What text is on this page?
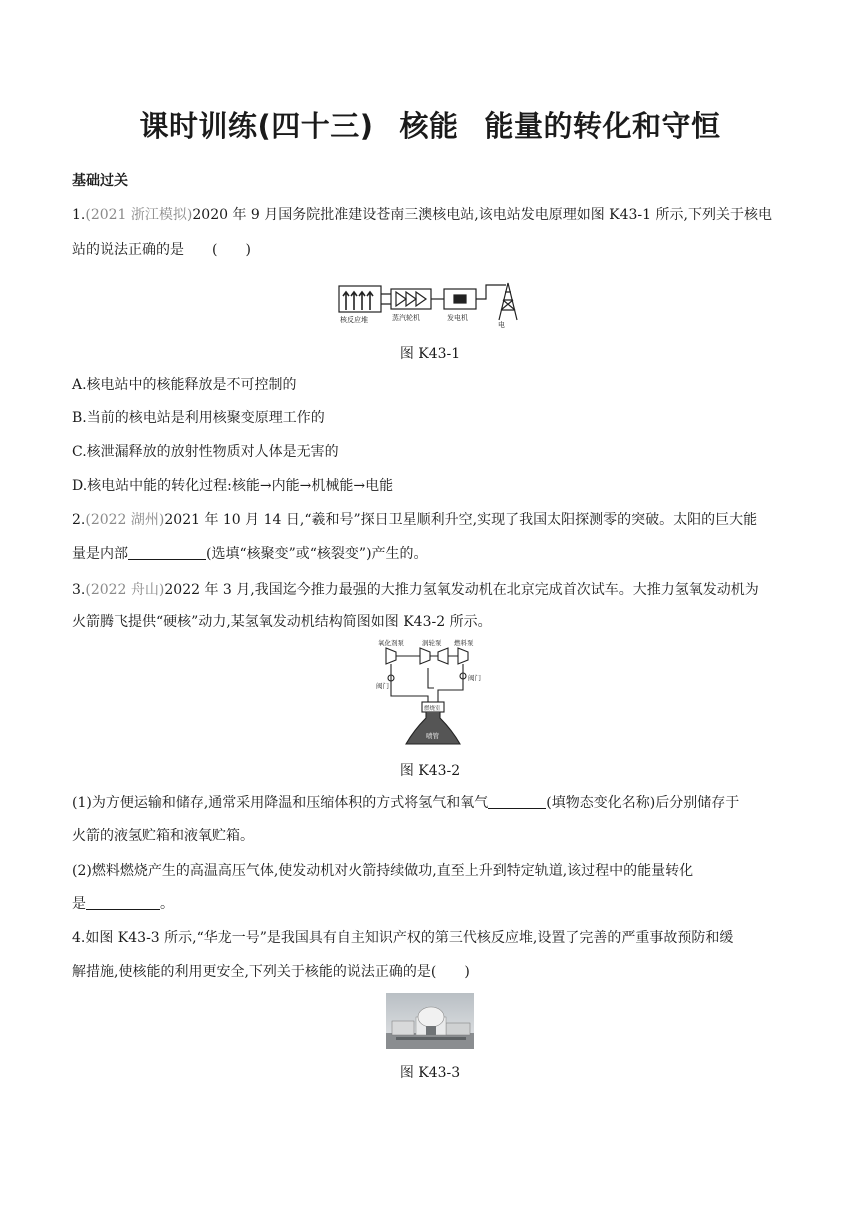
课时训练(四十三) 核能 能量的转化和守恒
基础过关
1.(2021 浙江模拟)2020 年 9 月国务院批准建设苍南三澳核电站,该电站发电原理如图 K43-1 所示,下列关于核电
站的说法正确的是　　(　　)
核反应堆	蒸汽轮机	发电机
电
图 K43-1
A.核电站中的核能释放是不可控制的
B.当前的核电站是利用核聚变原理工作的
C.核泄漏释放的放射性物质对人体是无害的
D.核电站中能的转化过程:核能→内能→机械能→电能
2.(2022 湖州)2021 年 10 月 14 日,“羲和号”探日卫星顺利升空,实现了我国太阳探测零的突破。太阳的巨大能
量是内部	(选填“核聚变”或“核裂变”)产生的。
3.(2022 舟山)2022 年 3 月,我国迄今推力最强的大推力氢氧发动机在北京完成首次试车。大推力氢氧发动机为
火箭腾飞提供“硬核”动力,某氢氧发动机结构简图如图 K43-2 所示。
氧化剂泵	涡轮泵 燃料泵
阀门
阀门
燃烧室
喷管
图 K43-2
(1)为方便运输和储存,通常采用降温和压缩体积的方式将氢气和氧气	(填物态变化名称)后分别储存于
火箭的液氢贮箱和液氧贮箱。
(2)燃料燃烧产生的高温高压气体,使发动机对火箭持续做功,直至上升到特定轨道,该过程中的能量转化
是	。
4.如图 K43-3 所示,“华龙一号”是我国具有自主知识产权的第三代核反应堆,设置了完善的严重事故预防和缓
解措施,使核能的利用更安全,下列关于核能的说法正确的是(　　)
图 K43-3
